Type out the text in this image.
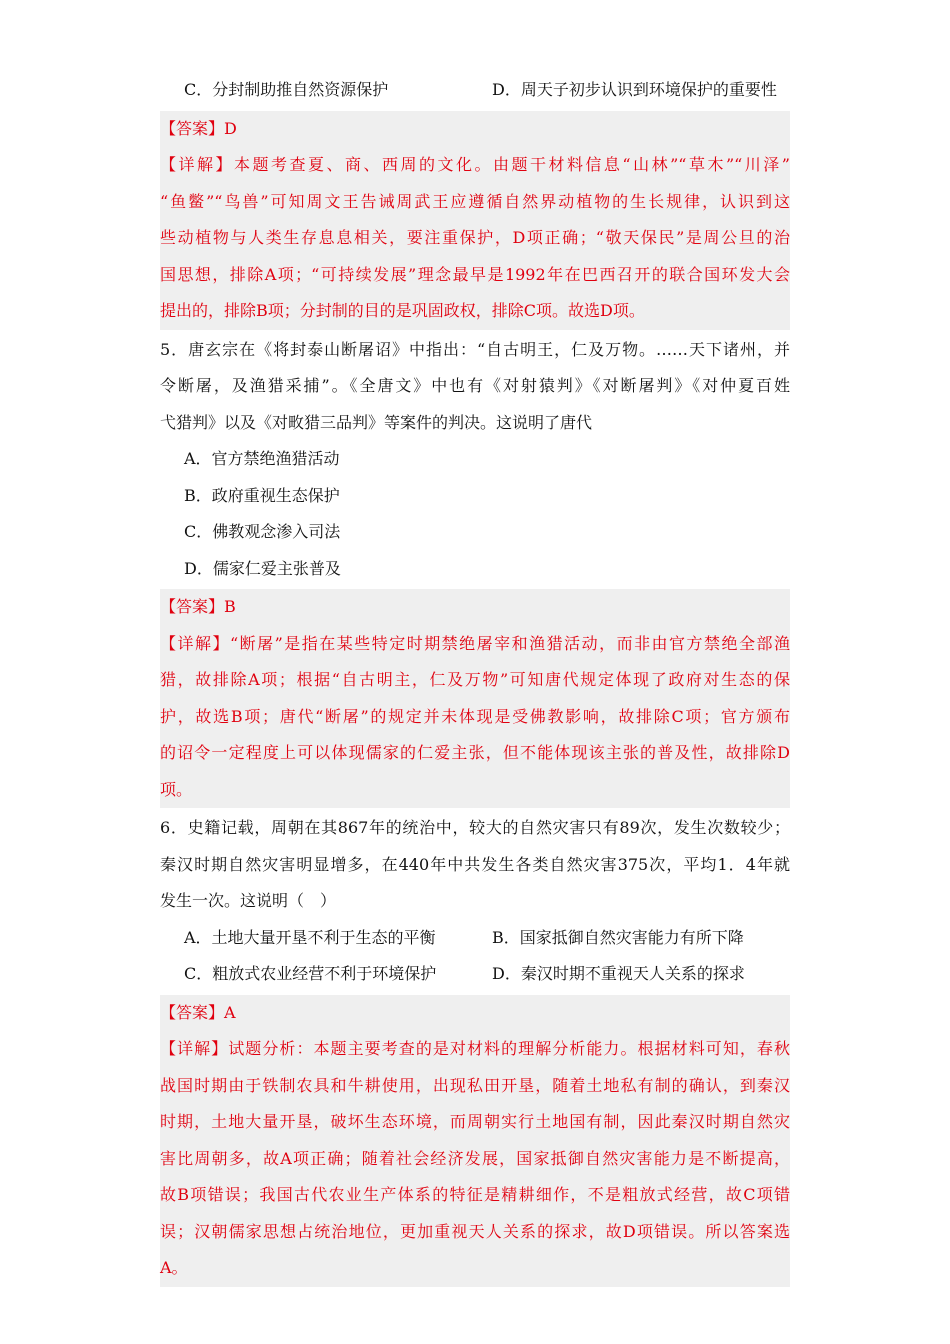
C．分封制助推自然资源保护	D．周天子初步认识到环境保护的重要性
【答案】D
【详解】本题考查夏、商、西周的文化。由题干材料信息“山林”“草木”“川泽”
“鱼鳖”“鸟兽”可知周文王告诫周武王应遵循自然界动植物的生长规律，认识到这
些动植物与人类生存息息相关，要注重保护，D项正确；“敬天保民”是周公旦的治
国思想，排除A项；“可持续发展”理念最早是1992年在巴西召开的联合国环发大会
提出的，排除B项；分封制的目的是巩固政权，排除C项。故选D项。
5．唐玄宗在《将封泰山断屠诏》中指出：“自古明王，仁及万物。……天下诸州，并
令断屠，及渔猎采捕”。《全唐文》中也有《对射猿判》《对断屠判》《对仲夏百姓
弋猎判》以及《对畋猎三品判》等案件的判决。这说明了唐代
A．官方禁绝渔猎活动
B．政府重视生态保护
C．佛教观念渗入司法
D．儒家仁爱主张普及
【答案】B
【详解】“断屠”是指在某些特定时期禁绝屠宰和渔猎活动，而非由官方禁绝全部渔
猎，故排除A项；根据“自古明主，仁及万物”可知唐代规定体现了政府对生态的保
护，故选B项；唐代“断屠”的规定并未体现是受佛教影响，故排除C项；官方颁布
的诏令一定程度上可以体现儒家的仁爱主张，但不能体现该主张的普及性，故排除D
项。
6．史籍记载，周朝在其867年的统治中，较大的自然灾害只有89次，发生次数较少；
秦汉时期自然灾害明显增多，在440年中共发生各类自然灾害375次，平均1．4年就
发生一次。这说明（　）
A．土地大量开垦不利于生态的平衡	B．国家抵御自然灾害能力有所下降
C．粗放式农业经营不利于环境保护	D．秦汉时期不重视天人关系的探求
【答案】A
【详解】试题分析：本题主要考查的是对材料的理解分析能力。根据材料可知，春秋
战国时期由于铁制农具和牛耕使用，出现私田开垦，随着土地私有制的确认，到秦汉
时期，土地大量开垦，破坏生态环境，而周朝实行土地国有制，因此秦汉时期自然灾
害比周朝多，故A项正确；随着社会经济发展，国家抵御自然灾害能力是不断提高，
故B项错误；我国古代农业生产体系的特征是精耕细作，不是粗放式经营，故C项错
误；汉朝儒家思想占统治地位，更加重视天人关系的探求，故D项错误。所以答案选
A。
